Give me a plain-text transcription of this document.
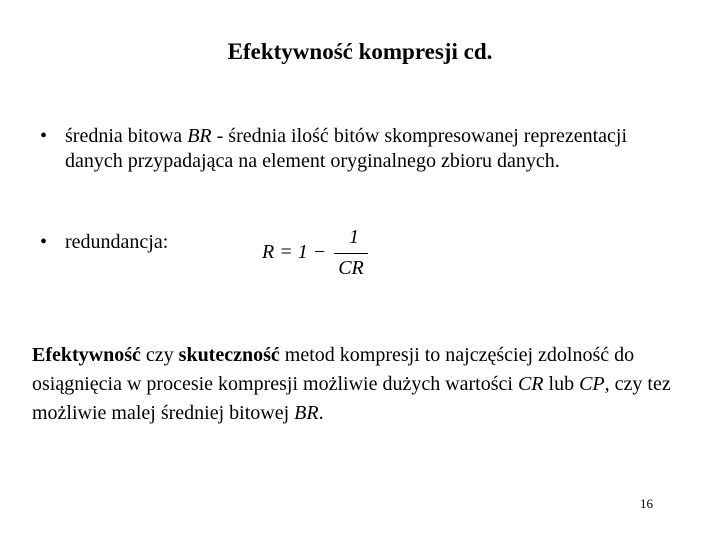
Efektywność kompresji cd.
• średnia bitowa BR - średnia ilość bitów skompresowanej reprezentacji danych przypadająca na element oryginalnego zbioru danych.
• redundancja:	R = 1 −
1
CR
Efektywność czy skuteczność metod kompresji to najczęściej zdolność do osiągnięcia w procesie kompresji możliwie dużych wartości CR lub CP, czy tez możliwie malej średniej bitowej BR.
16
